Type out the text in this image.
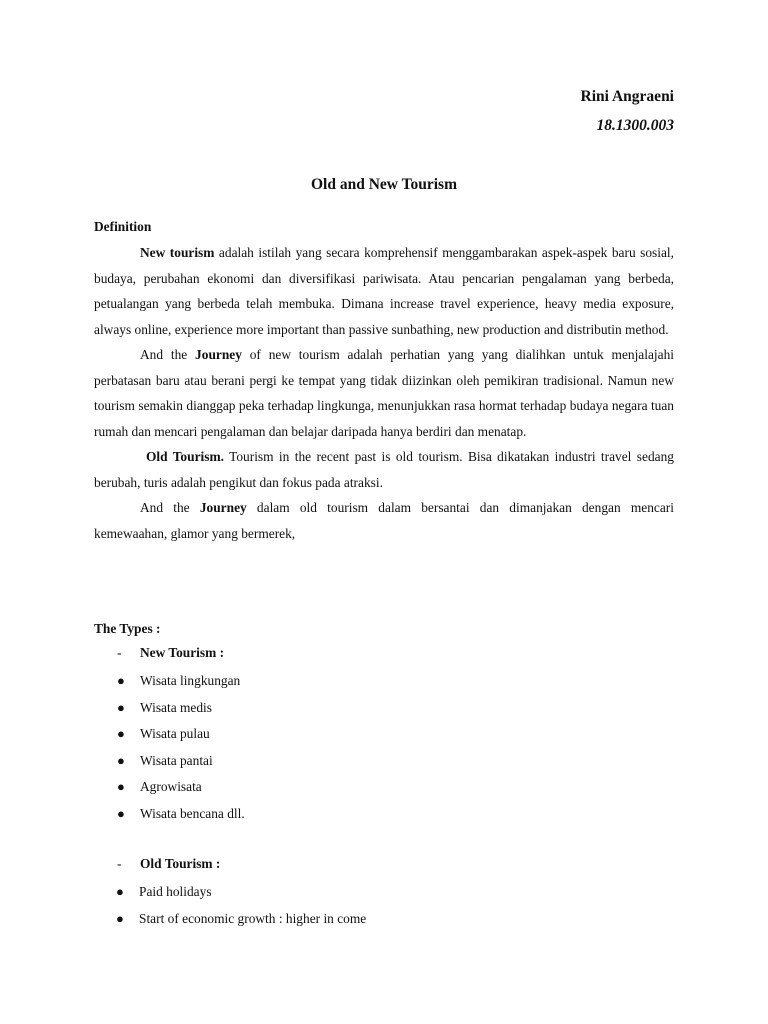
Rini Angraeni
18.1300.003
Old and New Tourism
Definition

New tourism adalah istilah yang secara komprehensif menggambarakan aspek-aspek baru sosial, budaya, perubahan ekonomi dan diversifikasi pariwisata. Atau pencarian pengalaman yang berbeda, petualangan yang berbeda telah membuka. Dimana increase travel experience, heavy media exposure, always online, experience more important than passive sunbathing, new production and distributin method.

And the Journey of new tourism adalah perhatian yang yang dialihkan untuk menjalajahi perbatasan baru atau berani pergi ke tempat yang tidak diizinkan oleh pemikiran tradisional. Namun new tourism semakin dianggap peka terhadap lingkunga, menunjukkan rasa hormat terhadap budaya negara tuan rumah dan mencari pengalaman dan belajar daripada hanya berdiri dan menatap.

Old Tourism. Tourism in the recent past is old tourism. Bisa dikatakan industri travel sedang berubah, turis adalah pengikut dan fokus pada atraksi.

And the Journey dalam old tourism dalam bersantai dan dimanjakan dengan mencari kemewaahan, glamor yang bermerek,

The Types :
- New Tourism :
● Wisata lingkungan
● Wisata medis
● Wisata pulau
● Wisata pantai
● Agrowisata
● Wisata bencana dll.
- Old Tourism :
● Paid holidays
● Start of economic growth : higher in come
